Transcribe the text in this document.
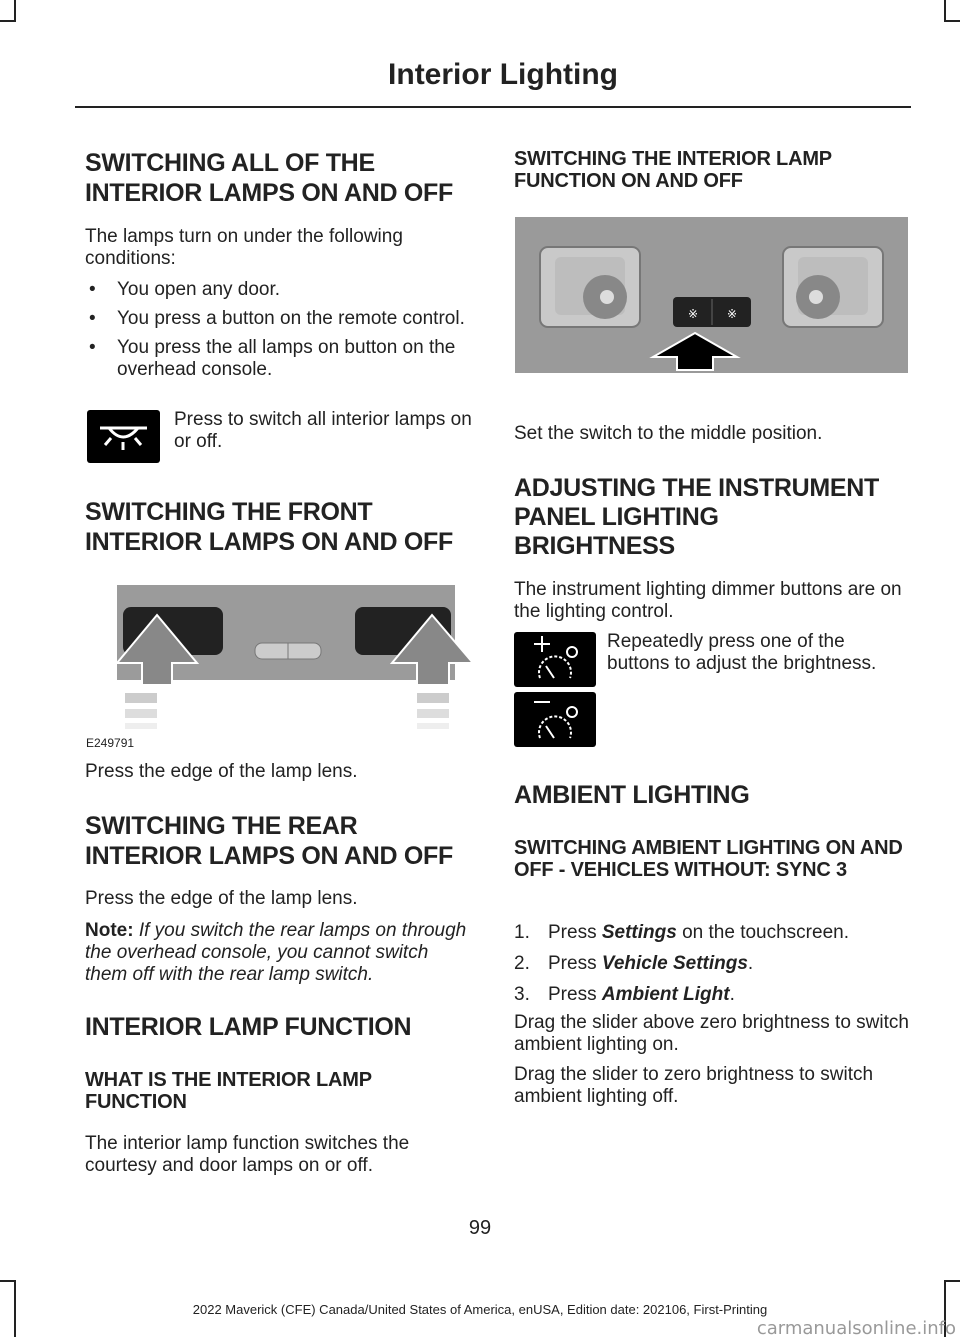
Interior Lighting
SWITCHING ALL OF THE
INTERIOR LAMPS ON AND OFF
The lamps turn on under the following conditions:
• You open any door.
• You press a button on the remote control.
• You press the all lamps on button on the overhead console.
Press to switch all interior lamps on or off.
SWITCHING THE FRONT
INTERIOR LAMPS ON AND OFF
E249791
Press the edge of the lamp lens.
SWITCHING THE REAR
INTERIOR LAMPS ON AND OFF
Press the edge of the lamp lens.
Note: If you switch the rear lamps on through the overhead console, you cannot switch them off with the rear lamp switch.
INTERIOR LAMP FUNCTION
WHAT IS THE INTERIOR LAMP FUNCTION
The interior lamp function switches the courtesy and door lamps on or off.
SWITCHING THE INTERIOR LAMP FUNCTION ON AND OFF
※ ※
Set the switch to the middle position.
ADJUSTING THE INSTRUMENT
PANEL LIGHTING
BRIGHTNESS
The instrument lighting dimmer buttons are on the lighting control.
Repeatedly press one of the buttons to adjust the brightness.
AMBIENT LIGHTING
SWITCHING AMBIENT LIGHTING ON AND OFF - VEHICLES WITHOUT: SYNC 3
1. Press Settings on the touchscreen.
2. Press Vehicle Settings.
3. Press Ambient Light.
Drag the slider above zero brightness to switch ambient lighting on.
Drag the slider to zero brightness to switch ambient lighting off.
99
2022 Maverick (CFE) Canada/United States of America, enUSA, Edition date: 202106, First-Printing
carmanualsonline.info
